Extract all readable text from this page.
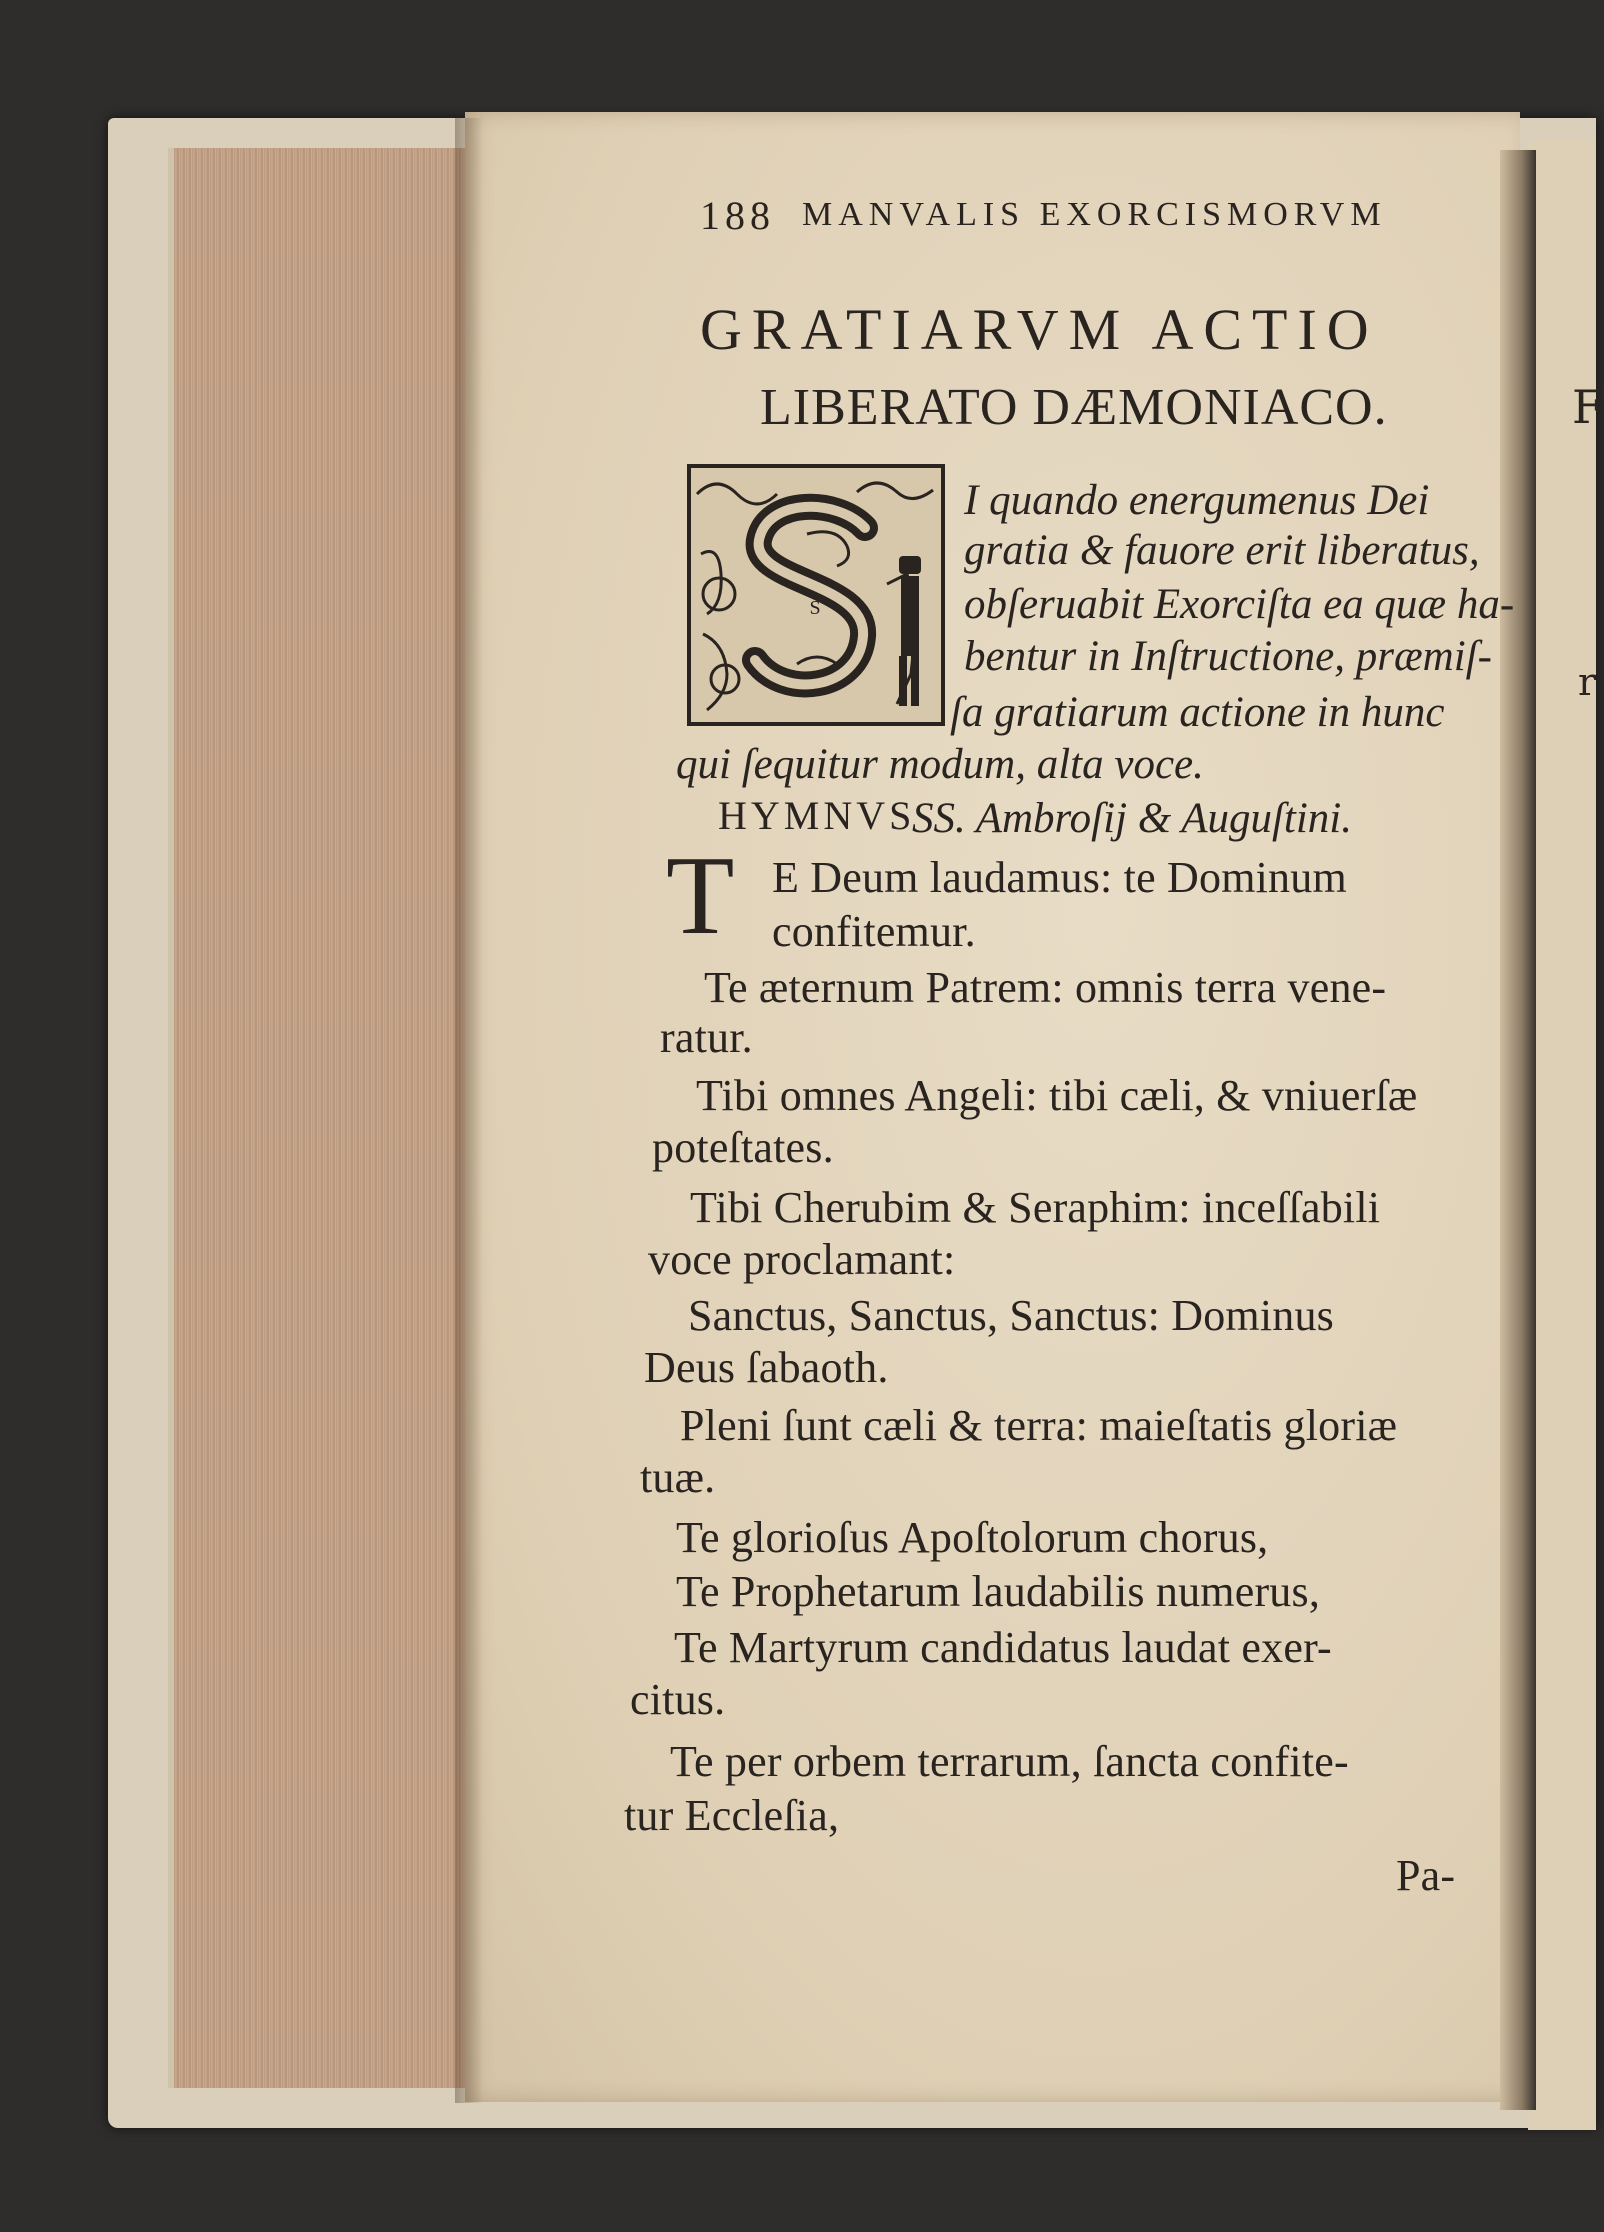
F
r
188 MANVALIS EXORCISMORVM
GRATIARVM ACTIO
LIBERATO DÆMONIACO.
S
I quando energumenus Dei
gratia & fauore erit liberatus,
obſeruabit Exorciſta ea quæ ha-
bentur in Inſtructione, præmiſ-
ſa gratiarum actione in hunc
qui ſequitur modum, alta voce.
HYMNVS
SS. Ambroſij & Auguſtini.
T E Deum laudamus: te Dominum
confitemur.
Te æternum Patrem: omnis terra vene-
ratur.
Tibi omnes Angeli: tibi cæli, & vniuerſæ
poteſtates.
Tibi Cherubim & Seraphim: inceſſabili
voce proclamant:
Sanctus, Sanctus, Sanctus: Dominus
Deus ſabaoth.
Pleni ſunt cæli & terra: maieſtatis gloriæ
tuæ.
Te glorioſus Apoſtolorum chorus,
Te Prophetarum laudabilis numerus,
Te Martyrum candidatus laudat exer-
citus.
Te per orbem terrarum, ſancta confite-
tur Eccleſia,
Pa-
